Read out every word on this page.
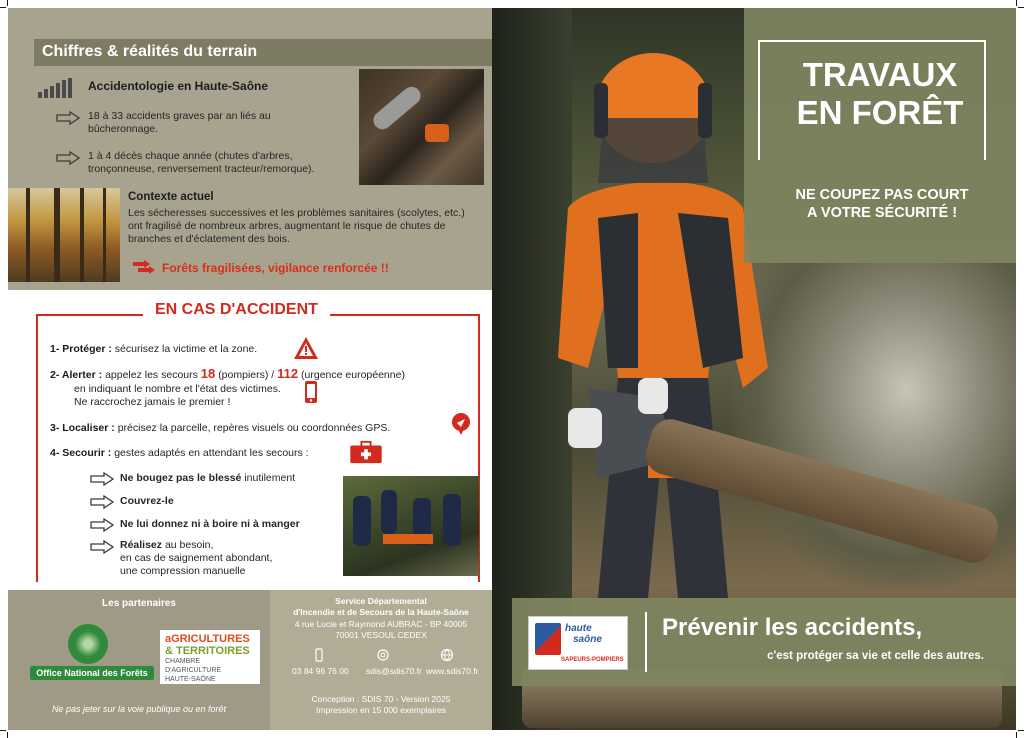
Chiffres & réalités du terrain
Accidentologie en Haute-Saône
18 à 33 accidents graves par an liés au bûcheronnage.
1 à 4 décès chaque année (chutes d'arbres, tronçonneuse, renversement tracteur/remorque).
Contexte actuel
Les sécheresses successives et les problèmes sanitaires (scolytes, etc.) ont fragilisé de nombreux arbres, augmentant le risque de chutes de branches et d'éclatement des bois.
Forêts fragilisées, vigilance renforcée !!
EN CAS D'ACCIDENT
1- Protéger : sécurisez la victime et la zone.
2- Alerter : appelez les secours 18 (pompiers) / 112 (urgence européenne)
en indiquant le nombre et l'état des victimes.
Ne raccrochez jamais le premier !
3- Localiser : précisez la parcelle, repères visuels ou coordonnées GPS.
4- Secourir : gestes adaptés en attendant les secours :
Ne bougez pas le blessé inutilement
Couvrez-le
Ne lui donnez ni à boire ni à manger
Réalisez au besoin,
en cas de saignement abondant,
une compression manuelle
Les partenaires
Office National des Forêts
aGRICULTURES
& TERRITOIRES
CHAMBRE D'AGRICULTURE
HAUTE-SAÔNE
Ne pas jeter sur la voie publique ou en forêt
Service Départemental
d'Incendie et de Secours de la Haute-Saône
4 rue Lucie et Raymond AUBRAC - BP 40005
70001 VESOUL CEDEX
03 84 96 76 00 sdis@sdis70.fr www.sdis70.fr
Conception : SDIS 70 - Version 2025
Impression en 15 000 exemplaires
TRAVAUX
EN FORÊT
NE COUPEZ PAS COURT
A VOTRE SÉCURITÉ !
haute
saône
SAPEURS-POMPIERS
Prévenir les accidents,
c'est protéger sa vie et celle des autres.
